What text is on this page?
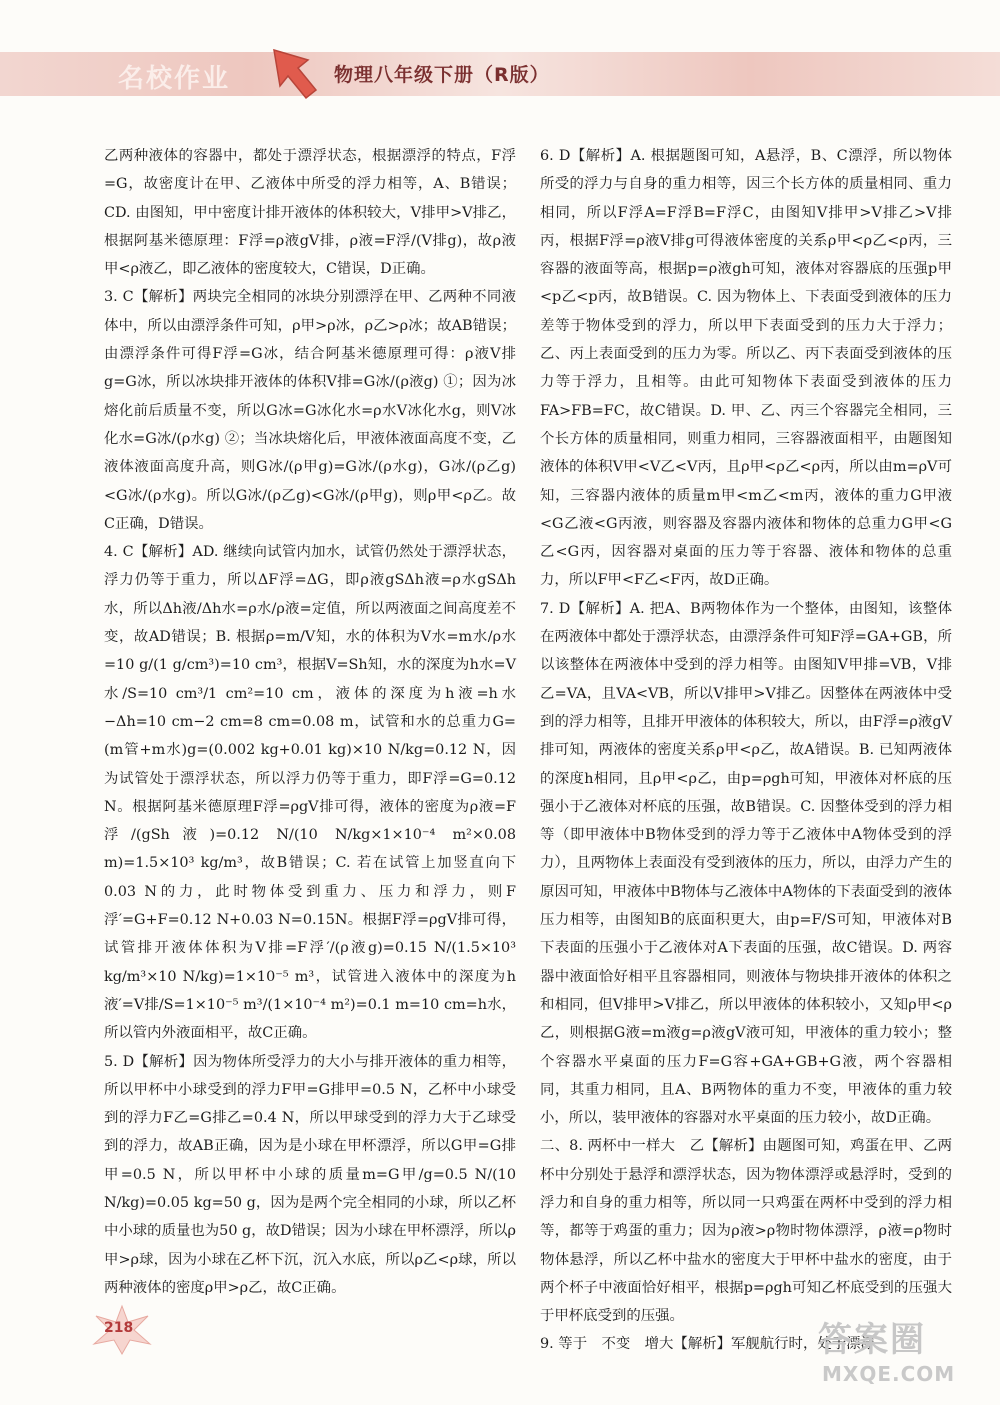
名校作业	物理八年级下册（R版）

乙两种液体的容器中，都处于漂浮状态，根据漂浮的特点，F浮=G，故密度计在甲、乙液体中所受的浮力相等，A、B错误；CD. 由图知，甲中密度计排开液体的体积较大，V排甲>V排乙，根据阿基米德原理：F浮=ρ液gV排，ρ液=F浮/(V排g)，故ρ液甲<ρ液乙，即乙液体的密度较大，C错误，D正确。

3. C【解析】两块完全相同的冰块分别漂浮在甲、乙两种不同液体中，所以由漂浮条件可知，ρ甲>ρ冰，ρ乙>ρ冰；故AB错误；由漂浮条件可得F浮=G冰，结合阿基米德原理可得：ρ液V排g=G冰，所以冰块排开液体的体积V排=G冰/(ρ液g) ①；因为冰熔化前后质量不变，所以G冰=G冰化水=ρ水V冰化水g，则V冰化水=G冰/(ρ水g) ②；当冰块熔化后，甲液体液面高度不变，乙液体液面高度升高，则G冰/(ρ甲g)=G冰/(ρ水g)，G冰/(ρ乙g)<G冰/(ρ水g)。所以G冰/(ρ乙g)<G冰/(ρ甲g)，则ρ甲<ρ乙。故C正确，D错误。

4. C【解析】AD. 继续向试管内加水，试管仍然处于漂浮状态，浮力仍等于重力，所以ΔF浮=ΔG，即ρ液gSΔh液=ρ水gSΔh水，所以Δh液/Δh水=ρ水/ρ液=定值，所以两液面之间高度差不变，故AD错误；B. 根据ρ=m/V知，水的体积为V水=m水/ρ水=10 g/(1 g/cm³)=10 cm³，根据V=Sh知，水的深度为h水=V水/S=10 cm³/1 cm²=10 cm，液体的深度为h液=h水−Δh=10 cm−2 cm=8 cm=0.08 m，试管和水的总重力G=(m管+m水)g=(0.002 kg+0.01 kg)×10 N/kg=0.12 N，因为试管处于漂浮状态，所以浮力仍等于重力，即F浮=G=0.12 N。根据阿基米德原理F浮=ρgV排可得，液体的密度为ρ液=F浮/(gSh液)=0.12 N/(10 N/kg×1×10⁻⁴ m²×0.08 m)=1.5×10³ kg/m³，故B错误；C. 若在试管上加竖直向下0.03 N的力，此时物体受到重力、压力和浮力，则F浮′=G+F=0.12 N+0.03 N=0.15N。根据F浮=ρgV排可得，试管排开液体体积为V排=F浮′/(ρ液g)=0.15 N/(1.5×10³ kg/m³×10 N/kg)=1×10⁻⁵ m³，试管进入液体中的深度为h液′=V排/S=1×10⁻⁵ m³/(1×10⁻⁴ m²)=0.1 m=10 cm=h水，所以管内外液面相平，故C正确。

5. D【解析】因为物体所受浮力的大小与排开液体的重力相等，所以甲杯中小球受到的浮力F甲=G排甲=0.5 N，乙杯中小球受到的浮力F乙=G排乙=0.4 N，所以甲球受到的浮力大于乙球受到的浮力，故AB正确，因为是小球在甲杯漂浮，所以G甲=G排甲=0.5 N，所以甲杯中小球的质量m=G甲/g=0.5 N/(10 N/kg)=0.05 kg=50 g，因为是两个完全相同的小球，所以乙杯中小球的质量也为50 g，故D错误；因为小球在甲杯漂浮，所以ρ甲>ρ球，因为小球在乙杯下沉，沉入水底，所以ρ乙<ρ球，所以两种液体的密度ρ甲>ρ乙，故C正确。

6. D【解析】A. 根据题图可知，A悬浮，B、C漂浮，所以物体所受的浮力与自身的重力相等，因三个长方体的质量相同、重力相同，所以F浮A=F浮B=F浮C，由图知V排甲>V排乙>V排丙，根据F浮=ρ液V排g可得液体密度的关系ρ甲<ρ乙<ρ丙，三容器的液面等高，根据p=ρ液gh可知，液体对容器底的压强p甲<p乙<p丙，故B错误。C. 因为物体上、下表面受到液体的压力差等于物体受到的浮力，所以甲下表面受到的压力大于浮力；乙、丙上表面受到的压力为零。所以乙、丙下表面受到液体的压力等于浮力，且相等。由此可知物体下表面受到液体的压力FA>FB=FC，故C错误。D. 甲、乙、丙三个容器完全相同，三个长方体的质量相同，则重力相同，三容器液面相平，由题图知液体的体积V甲<V乙<V丙，且ρ甲<ρ乙<ρ丙，所以由m=ρV可知，三容器内液体的质量m甲<m乙<m丙，液体的重力G甲液<G乙液<G丙液，则容器及容器内液体和物体的总重力G甲<G乙<G丙，因容器对桌面的压力等于容器、液体和物体的总重力，所以F甲<F乙<F丙，故D正确。

7. D【解析】A. 把A、B两物体作为一个整体，由图知，该整体在两液体中都处于漂浮状态，由漂浮条件可知F浮=GA+GB，所以该整体在两液体中受到的浮力相等。由图知V甲排=VB，V排乙=VA，且VA<VB，所以V排甲>V排乙。因整体在两液体中受到的浮力相等，且排开甲液体的体积较大，所以，由F浮=ρ液gV排可知，两液体的密度关系ρ甲<ρ乙，故A错误。B. 已知两液体的深度h相同，且ρ甲<ρ乙，由p=ρgh可知，甲液体对杯底的压强小于乙液体对杯底的压强，故B错误。C. 因整体受到的浮力相等（即甲液体中B物体受到的浮力等于乙液体中A物体受到的浮力），且两物体上表面没有受到液体的压力，所以，由浮力产生的原因可知，甲液体中B物体与乙液体中A物体的下表面受到的液体压力相等，由图知B的底面积更大，由p=F/S可知，甲液体对B下表面的压强小于乙液体对A下表面的压强，故C错误。D. 两容器中液面恰好相平且容器相同，则液体与物块排开液体的体积之和相同，但V排甲>V排乙，所以甲液体的体积较小，又知ρ甲<ρ乙，则根据G液=m液g=ρ液gV液可知，甲液体的重力较小；整个容器水平桌面的压力F=G容+GA+GB+G液，两个容器相同，其重力相同，且A、B两物体的重力不变，甲液体的重力较小，所以，装甲液体的容器对水平桌面的压力较小，故D正确。

二、8. 两杯中一样大　乙【解析】由题图可知，鸡蛋在甲、乙两杯中分别处于悬浮和漂浮状态，因为物体漂浮或悬浮时，受到的浮力和自身的重力相等，所以同一只鸡蛋在两杯中受到的浮力相等，都等于鸡蛋的重力；因为ρ液>ρ物时物体漂浮，ρ液=ρ物时物体悬浮，所以乙杯中盐水的密度大于甲杯中盐水的密度，由于两个杯子中液面恰好相平，根据p=ρgh可知乙杯底受到的压强大于甲杯底受到的压强。

9. 等于　不变　增大【解析】军舰航行时，处于漂浮

218	答案圈
MXQE.COM
